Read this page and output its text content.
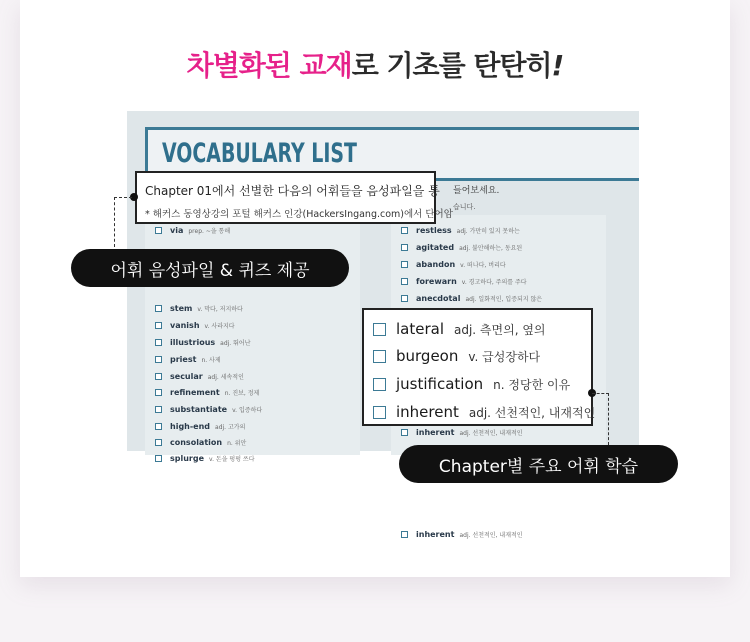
차별화된 교재로 기초를 탄탄히!
VOCABULARY LIST
들어보세요.
습니다.
via prep. ~을 통해
stem v. 막다, 저지하다
vanish v. 사라지다
illustrious adj. 뛰어난
priest n. 사제
secular adj. 세속적인
refinement n. 진보, 정제
substantiate v. 입증하다
high-end adj. 고가의
consolation n. 위안
splurge v. 돈을 펑펑 쓰다
restless adj. 가만히 있지 못하는
agitated adj. 불안해하는, 동요된
abandon v. 떠나다, 버리다
forewarn v. 경고하다, 주의를 주다
anecdotal adj. 일화적인, 입증되지 않은
inherent adj. 선천적인, 내재적인
inherent adj. 선천적인, 내재적인
Chapter 01에서 선별한 다음의 어휘들을 음성파일을 통
* 해커스 동영상강의 포털 해커스 인강(HackersIngang.com)에서 단어암
어휘 음성파일 & 퀴즈 제공
lateral adj. 측면의, 옆의
burgeon v. 급성장하다
justification n. 정당한 이유
inherent adj. 선천적인, 내재적인
Chapter별 주요 어휘 학습
